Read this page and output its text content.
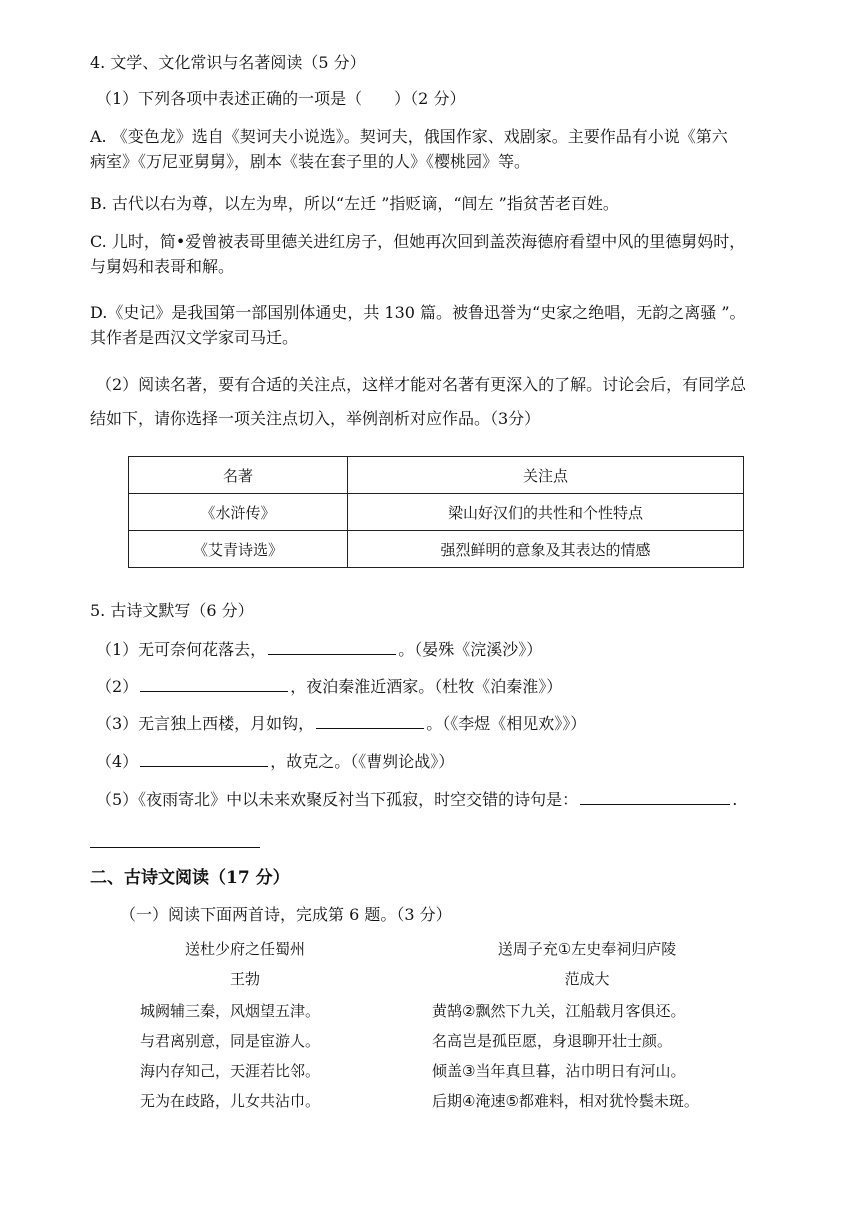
4. 文学、文化常识与名著阅读（5 分）
（1）下列各项中表述正确的一项是（　　）（2 分）
A. 《变色龙》选自《契诃夫小说选》。契诃夫，俄国作家、戏剧家。主要作品有小说《第六
病室》《万尼亚舅舅》，剧本《装在套子里的人》《樱桃园》等。
B. 古代以右为尊，以左为卑，所以“左迁 ”指贬谪，“闾左 ”指贫苦老百姓。
C. 儿时，简•爱曾被表哥里德关进红房子，但她再次回到盖茨海德府看望中风的里德舅妈时，
与舅妈和表哥和解。
D.《史记》是我国第一部国别体通史，共 130 篇。被鲁迅誉为“史家之绝唱，无韵之离骚 ”。
其作者是西汉文学家司马迁。
（2）阅读名著，要有合适的关注点，这样才能对名著有更深入的了解。讨论会后，有同学总
结如下，请你选择一项关注点切入，举例剖析对应作品。（3分）
名著	关注点
《水浒传》	梁山好汉们的共性和个性特点
《艾青诗选》	强烈鲜明的意象及其表达的情感
5. 古诗文默写（6 分）
（1）无可奈何花落去，	。（晏殊《浣溪沙》）
（2）	，夜泊秦淮近酒家。（杜牧《泊秦淮》）
（3）无言独上西楼，月如钩，	。（《李煜《相见欢》》）
（4）	，故克之。（《曹刿论战》）
（5）《夜雨寄北》中以未来欢聚反衬当下孤寂，时空交错的诗句是：	.
二、古诗文阅读（17 分）
（一）阅读下面两首诗，完成第 6 题。（3 分）
送杜少府之任蜀州
王勃
城阙辅三秦，风烟望五津。
与君离别意，同是宦游人。
海内存知己，天涯若比邻。
无为在歧路，儿女共沾巾。
送周子充①左史奉祠归庐陵
范成大
黄鹄②飘然下九关，江船载月客俱还。
名高岂是孤臣愿，身退聊开壮士颜。
倾盖③当年真旦暮，沾巾明日有河山。
后期④淹速⑤都难料，相对犹怜鬓未斑。
